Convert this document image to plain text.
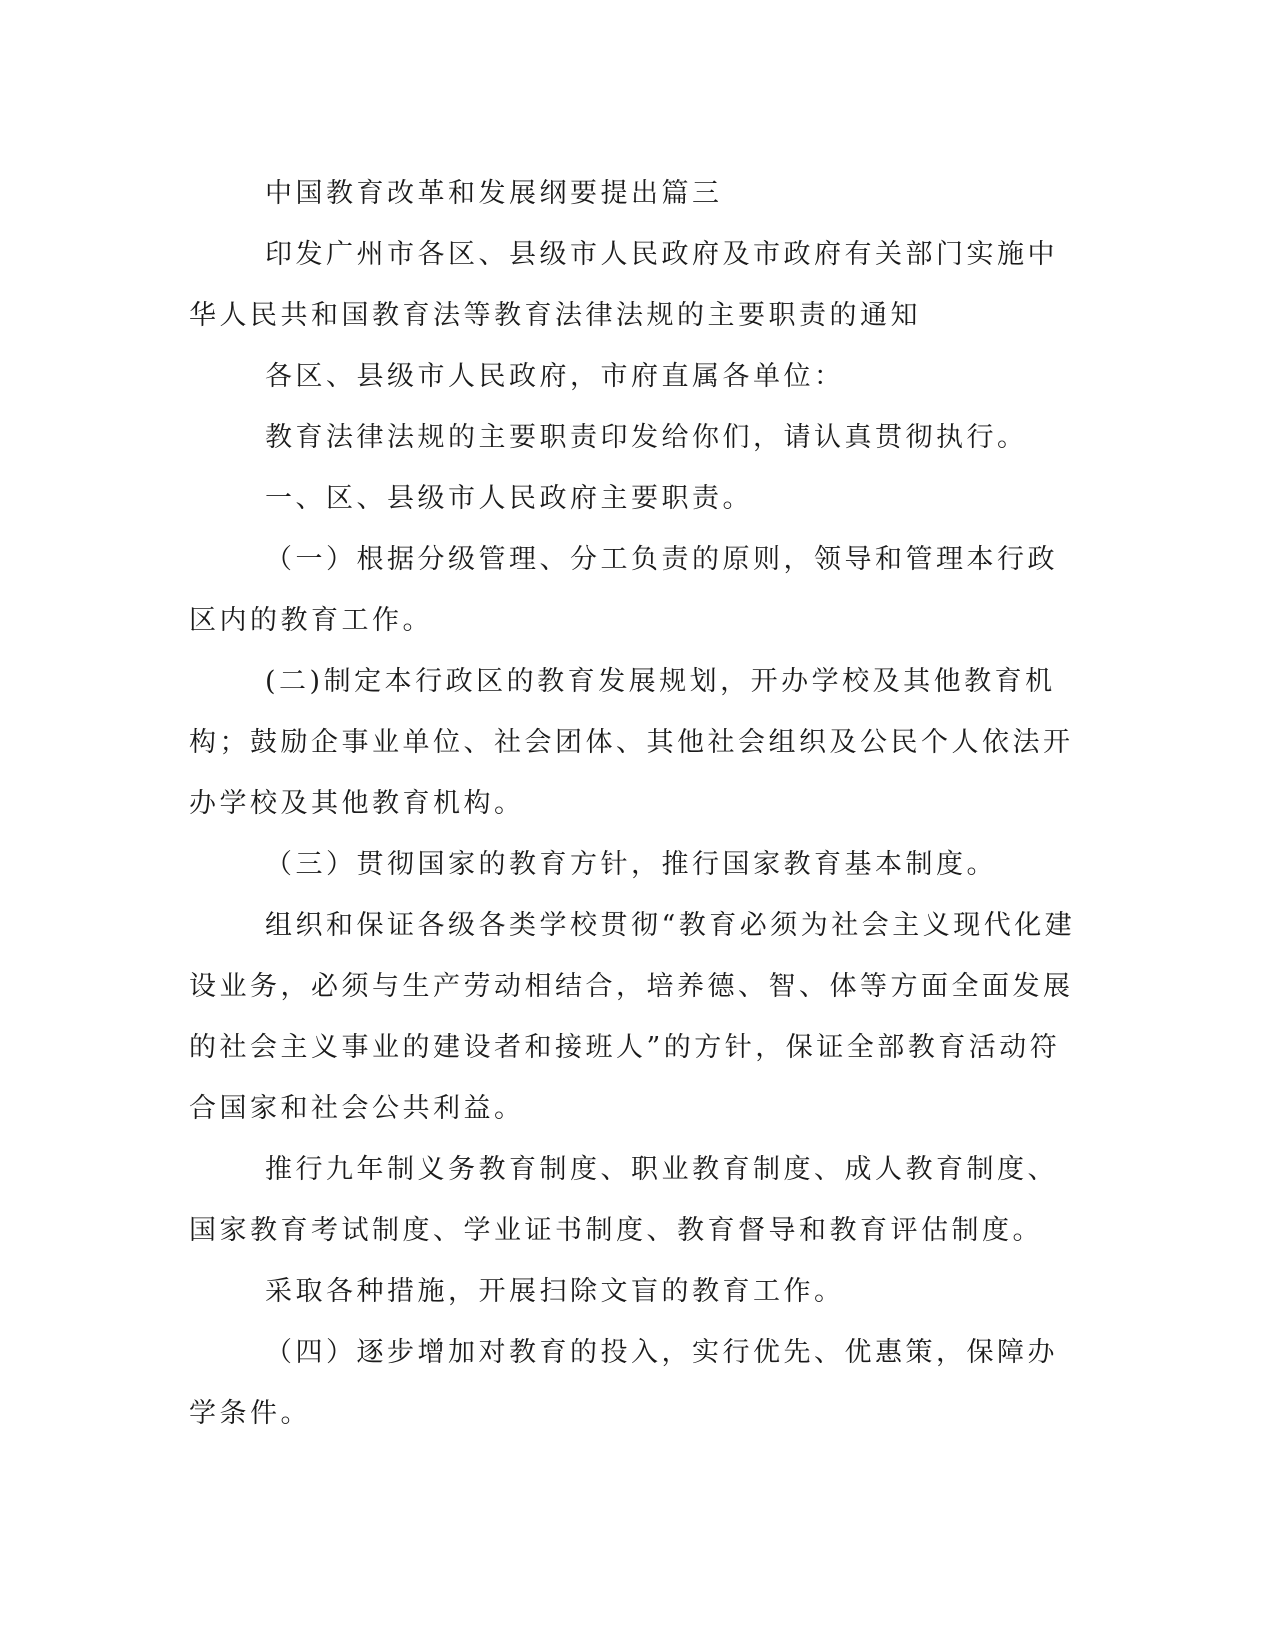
中国教育改革和发展纲要提出篇三

印发广州市各区、县级市人民政府及市政府有关部门实施中华人民共和国教育法等教育法律法规的主要职责的通知

各区、县级市人民政府，市府直属各单位：

教育法律法规的主要职责印发给你们，请认真贯彻执行。

一、区、县级市人民政府主要职责。

（一）根据分级管理、分工负责的原则，领导和管理本行政区内的教育工作。

(二)制定本行政区的教育发展规划，开办学校及其他教育机构；鼓励企事业单位、社会团体、其他社会组织及公民个人依法开办学校及其他教育机构。

（三）贯彻国家的教育方针，推行国家教育基本制度。

组织和保证各级各类学校贯彻“教育必须为社会主义现代化建设业务，必须与生产劳动相结合，培养德、智、体等方面全面发展的社会主义事业的建设者和接班人”的方针，保证全部教育活动符合国家和社会公共利益。

推行九年制义务教育制度、职业教育制度、成人教育制度、国家教育考试制度、学业证书制度、教育督导和教育评估制度。

采取各种措施，开展扫除文盲的教育工作。

（四）逐步增加对教育的投入，实行优先、优惠策，保障办学条件。
